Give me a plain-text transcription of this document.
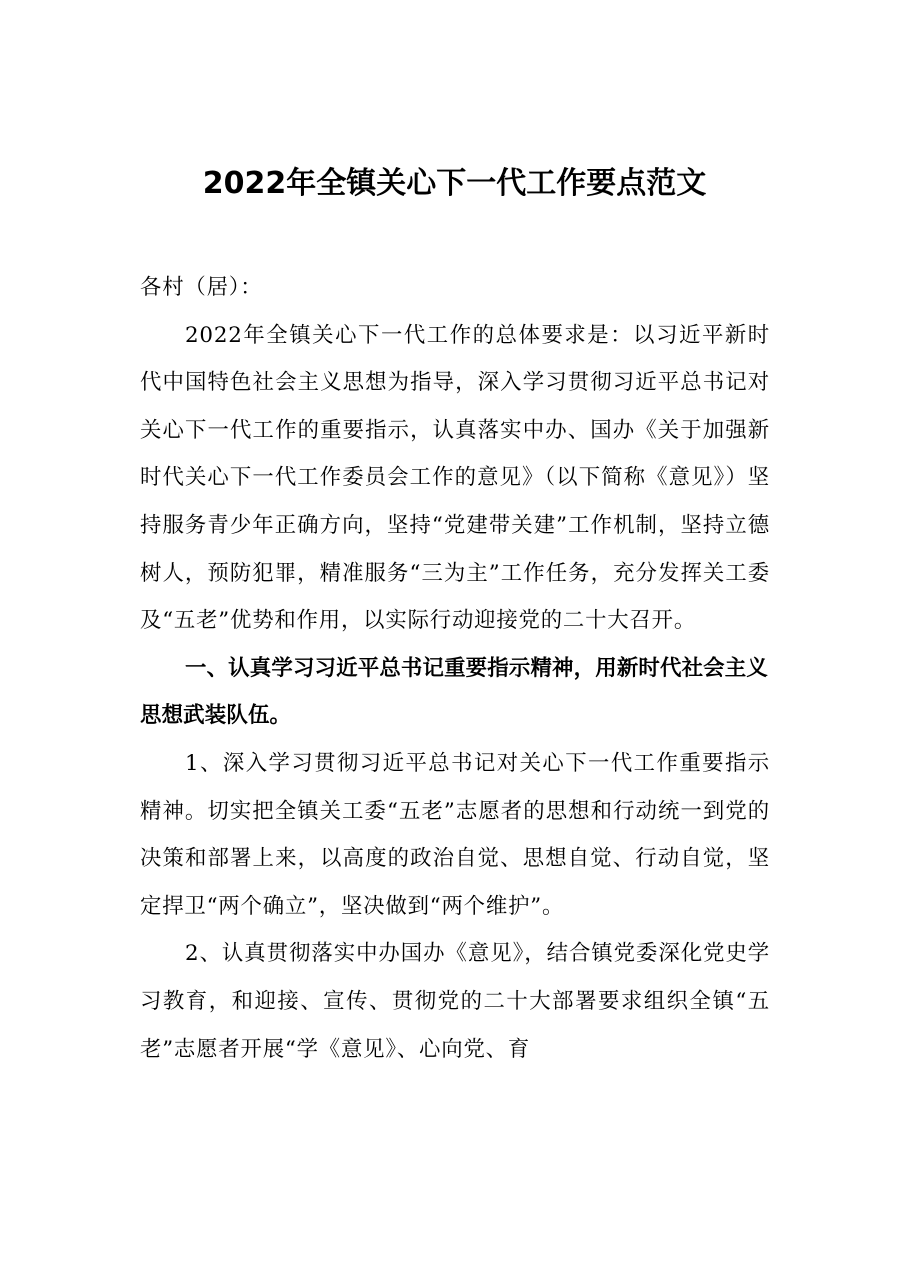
2022年全镇关心下一代工作要点范文

各村（居）：

2022年全镇关心下一代工作的总体要求是：以习近平新时代中国特色社会主义思想为指导，深入学习贯彻习近平总书记对关心下一代工作的重要指示，认真落实中办、国办《关于加强新时代关心下一代工作委员会工作的意见》（以下简称《意见》）坚持服务青少年正确方向，坚持“党建带关建”工作机制，坚持立德树人，预防犯罪，精准服务“三为主”工作任务，充分发挥关工委及“五老”优势和作用，以实际行动迎接党的二十大召开。

一、认真学习习近平总书记重要指示精神，用新时代社会主义思想武装队伍。

1、深入学习贯彻习近平总书记对关心下一代工作重要指示精神。切实把全镇关工委“五老”志愿者的思想和行动统一到党的决策和部署上来，以高度的政治自觉、思想自觉、行动自觉，坚定捍卫“两个确立”，坚决做到“两个维护”。

2、认真贯彻落实中办国办《意见》，结合镇党委深化党史学习教育，和迎接、宣传、贯彻党的二十大部署要求组织全镇“五老”志愿者开展“学《意见》、心向党、育
